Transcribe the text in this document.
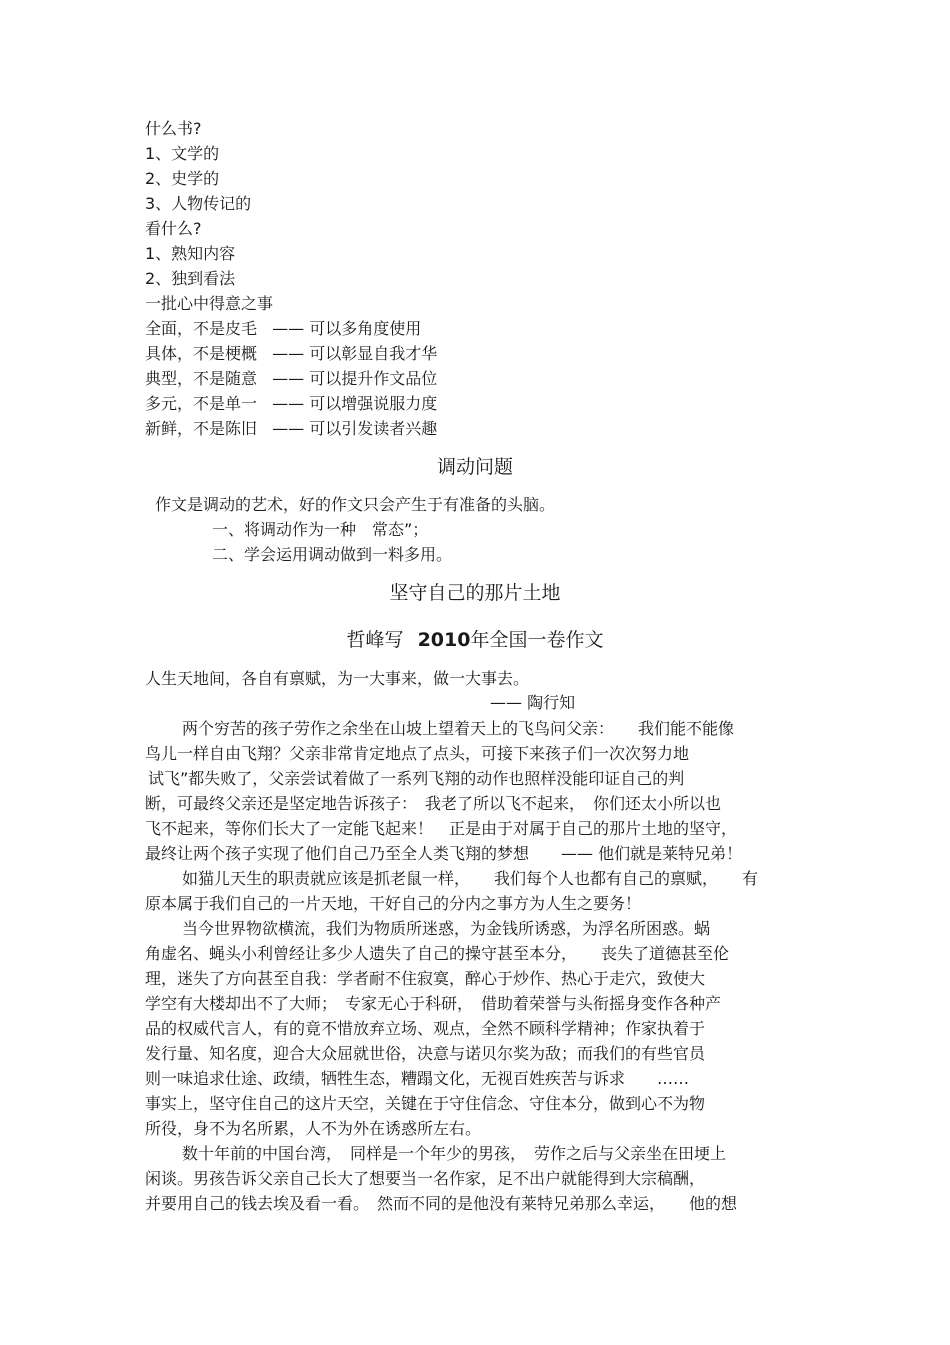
什么书?
1、文学的
2、史学的
3、人物传记的
看什么?
1、熟知内容
2、独到看法
一批心中得意之事
全面，不是皮毛 —— 可以多角度使用
具体，不是梗概 —— 可以彰显自我才华
典型，不是随意 —— 可以提升作文品位
多元，不是单一 —— 可以增强说服力度
新鲜，不是陈旧 —— 可以引发读者兴趣
调动问题
作文是调动的艺术，好的作文只会产生于有准备的头脑。
一、将调动作为一种　常态”；
二、学会运用调动做到一料多用。
坚守自己的那片土地
哲峰写 2010年全国一卷作文
人生天地间，各自有禀赋，为一大事来，做一大事去。
—— 陶行知
两个穷苦的孩子劳作之余坐在山坡上望着天上的飞鸟问父亲：　　我们能不能像
鸟儿一样自由飞翔？父亲非常肯定地点了点头，可接下来孩子们一次次努力地
试飞”都失败了，父亲尝试着做了一系列飞翔的动作也照样没能印证自己的判
断，可最终父亲还是坚定地告诉孩子：　我老了所以飞不起来，　你们还太小所以也
飞不起来，等你们长大了一定能飞起来！　正是由于对属于自己的那片土地的坚守，
最终让两个孩子实现了他们自己乃至全人类飞翔的梦想　　—— 他们就是莱特兄弟！
如猫儿天生的职责就应该是抓老鼠一样，　　我们每个人也都有自己的禀赋，　　有
原本属于我们自己的一片天地，干好自己的分内之事方为人生之要务！
当今世界物欲横流，我们为物质所迷惑，为金钱所诱惑，为浮名所困惑。蜗
角虚名、蝇头小利曾经让多少人遗失了自己的操守甚至本分，　　丧失了道德甚至伦
理，迷失了方向甚至自我：学者耐不住寂寞，醉心于炒作、热心于走穴，致使大
学空有大楼却出不了大师；　专家无心于科研，　借助着荣誉与头衔摇身变作各种产
品的权威代言人，有的竟不惜放弃立场、观点，全然不顾科学精神；作家执着于
发行量、知名度，迎合大众屈就世俗，决意与诺贝尔奖为敌；而我们的有些官员
则一味追求仕途、政绩，牺牲生态，糟蹋文化，无视百姓疾苦与诉求　　……
事实上，坚守住自己的这片天空，关键在于守住信念、守住本分，做到心不为物
所役，身不为名所累，人不为外在诱惑所左右。
数十年前的中国台湾，　同样是一个年少的男孩，　劳作之后与父亲坐在田埂上
闲谈。男孩告诉父亲自己长大了想要当一名作家，足不出户就能得到大宗稿酬，
并要用自己的钱去埃及看一看。　然而不同的是他没有莱特兄弟那么幸运，　　他的想
